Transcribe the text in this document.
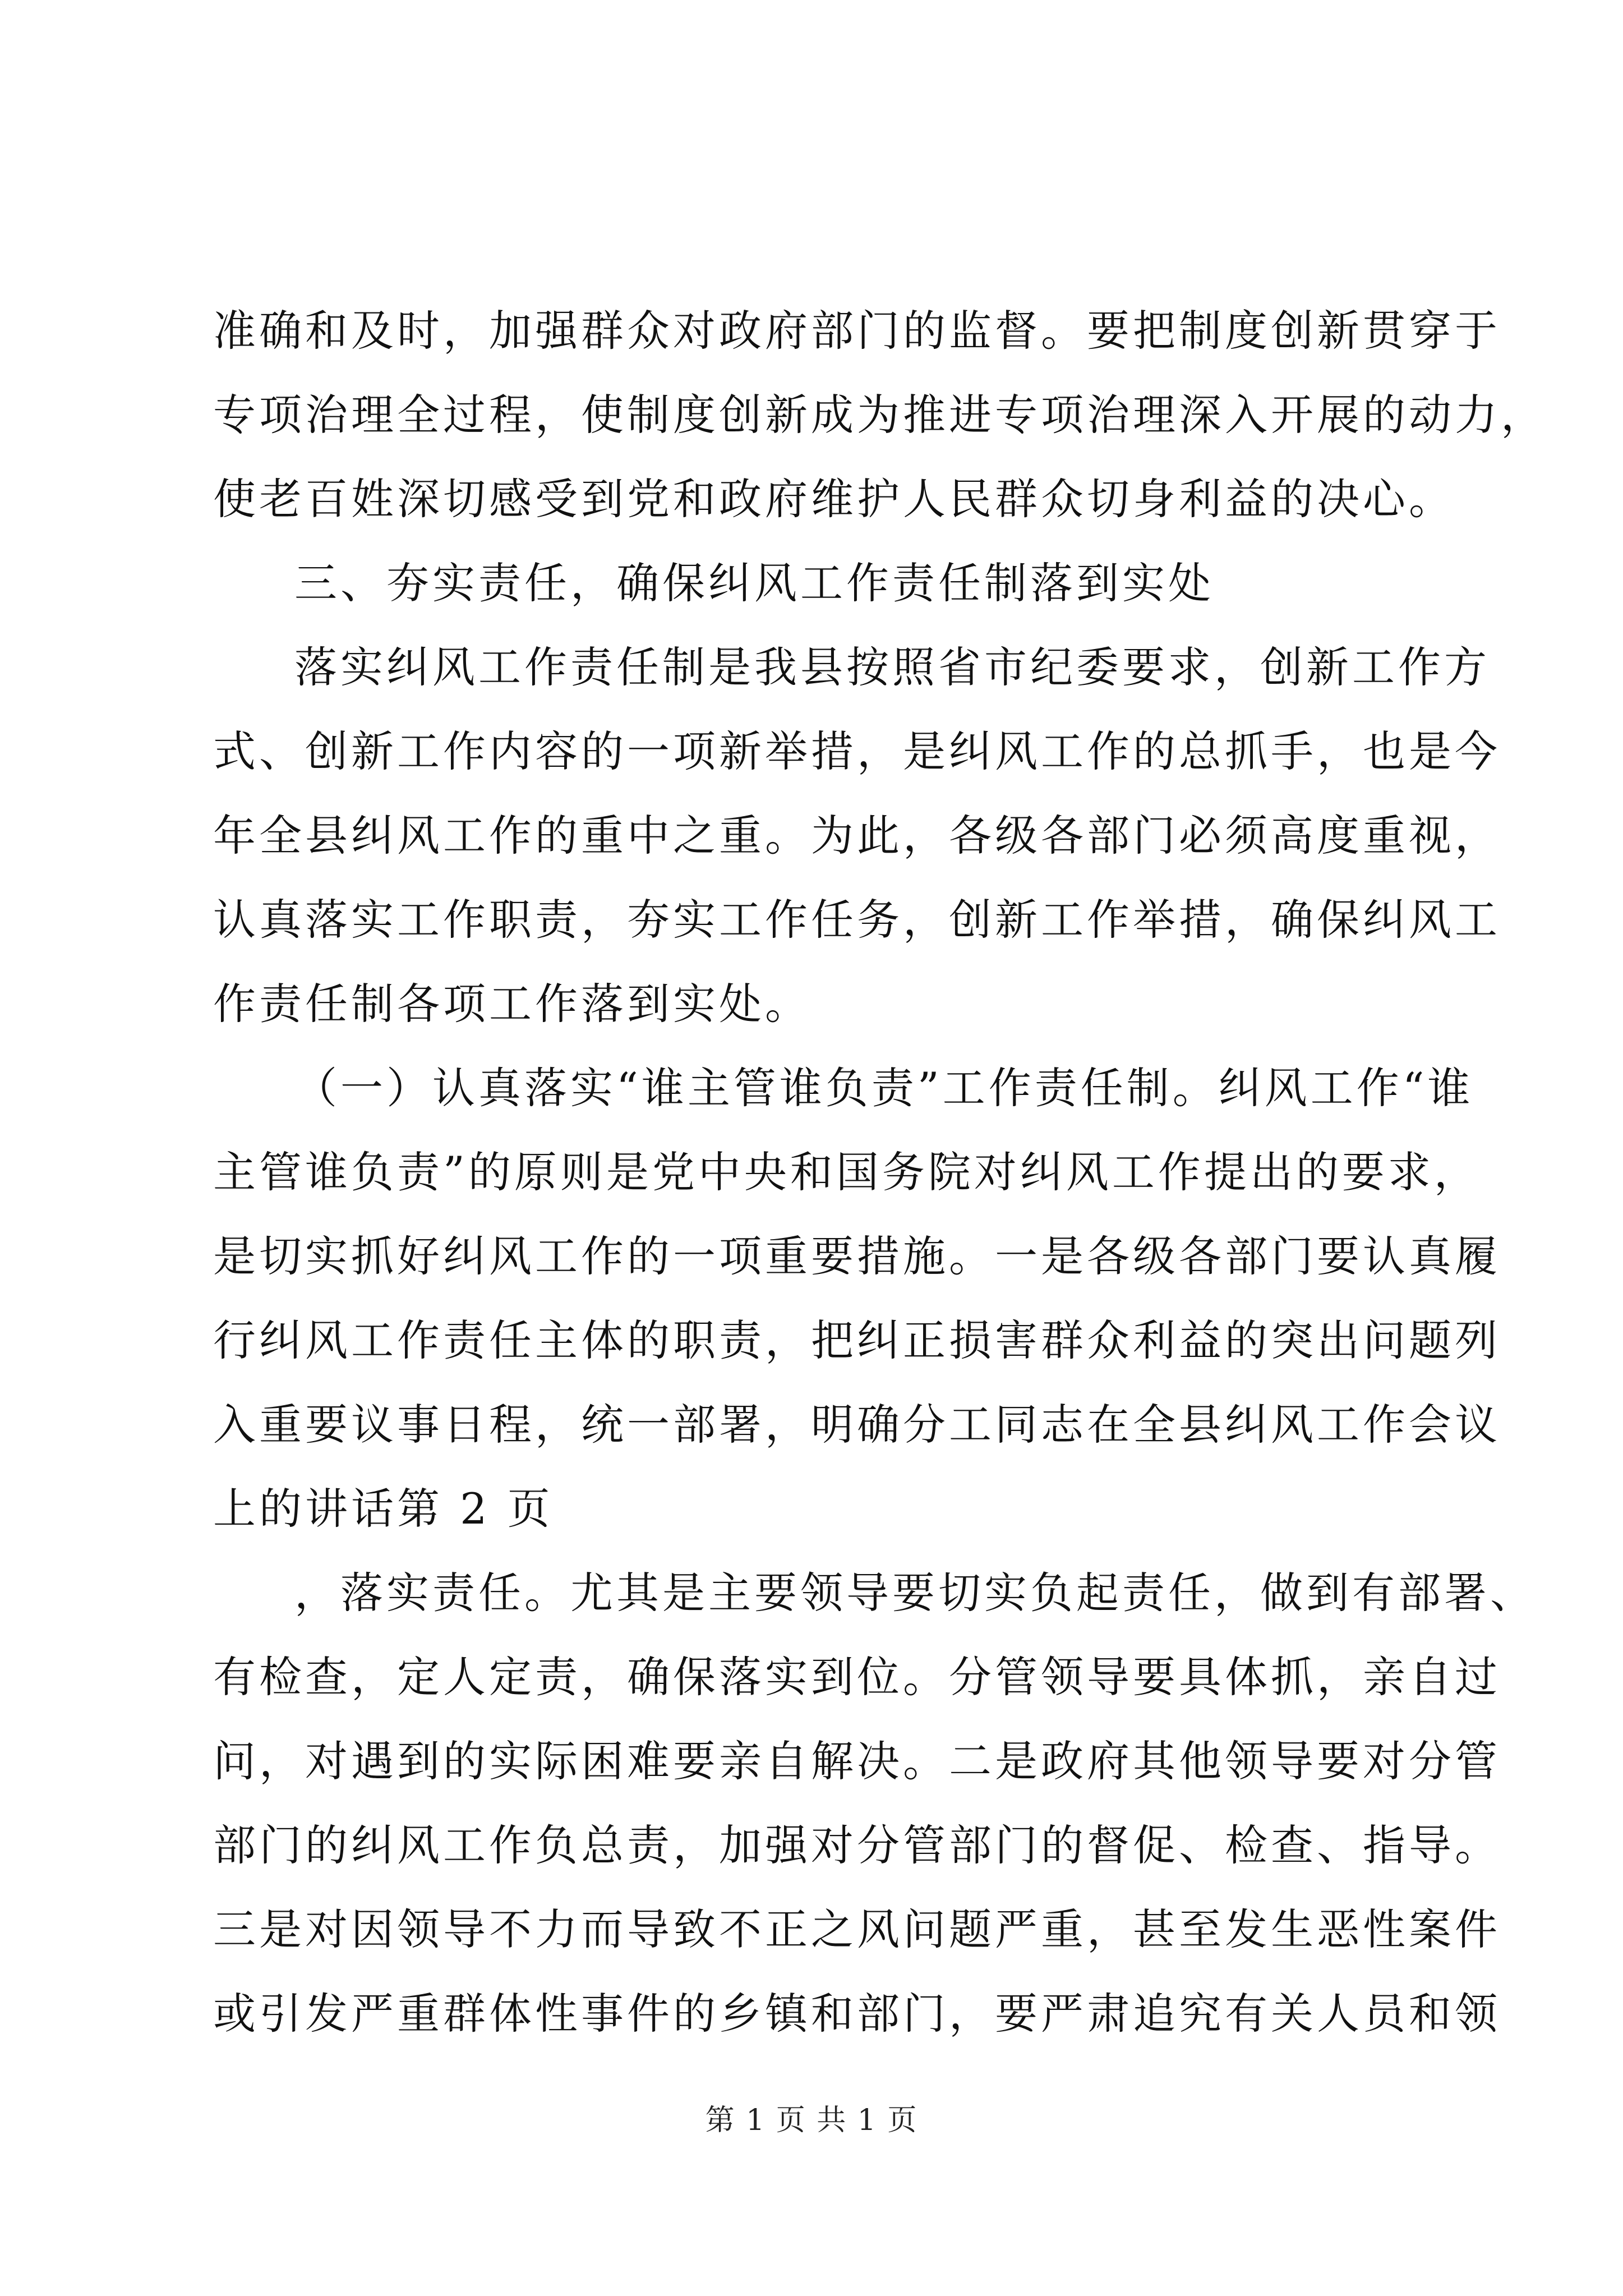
准确和及时，加强群众对政府部门的监督。要把制度创新贯穿于
专项治理全过程，使制度创新成为推进专项治理深入开展的动力，
使老百姓深切感受到党和政府维护人民群众切身利益的决心。
三、夯实责任，确保纠风工作责任制落到实处
落实纠风工作责任制是我县按照省市纪委要求，创新工作方
式、创新工作内容的一项新举措，是纠风工作的总抓手，也是今
年全县纠风工作的重中之重。为此，各级各部门必须高度重视，
认真落实工作职责，夯实工作任务，创新工作举措，确保纠风工
作责任制各项工作落到实处。
（一）认真落实“谁主管谁负责”工作责任制。纠风工作“谁
主管谁负责”的原则是党中央和国务院对纠风工作提出的要求，
是切实抓好纠风工作的一项重要措施。一是各级各部门要认真履
行纠风工作责任主体的职责，把纠正损害群众利益的突出问题列
入重要议事日程，统一部署，明确分工同志在全县纠风工作会议
上的讲话第 2 页
，落实责任。尤其是主要领导要切实负起责任，做到有部署、
有检查，定人定责，确保落实到位。分管领导要具体抓，亲自过
问，对遇到的实际困难要亲自解决。二是政府其他领导要对分管
部门的纠风工作负总责，加强对分管部门的督促、检查、指导。
三是对因领导不力而导致不正之风问题严重，甚至发生恶性案件
或引发严重群体性事件的乡镇和部门，要严肃追究有关人员和领
第 1 页 共 1 页
